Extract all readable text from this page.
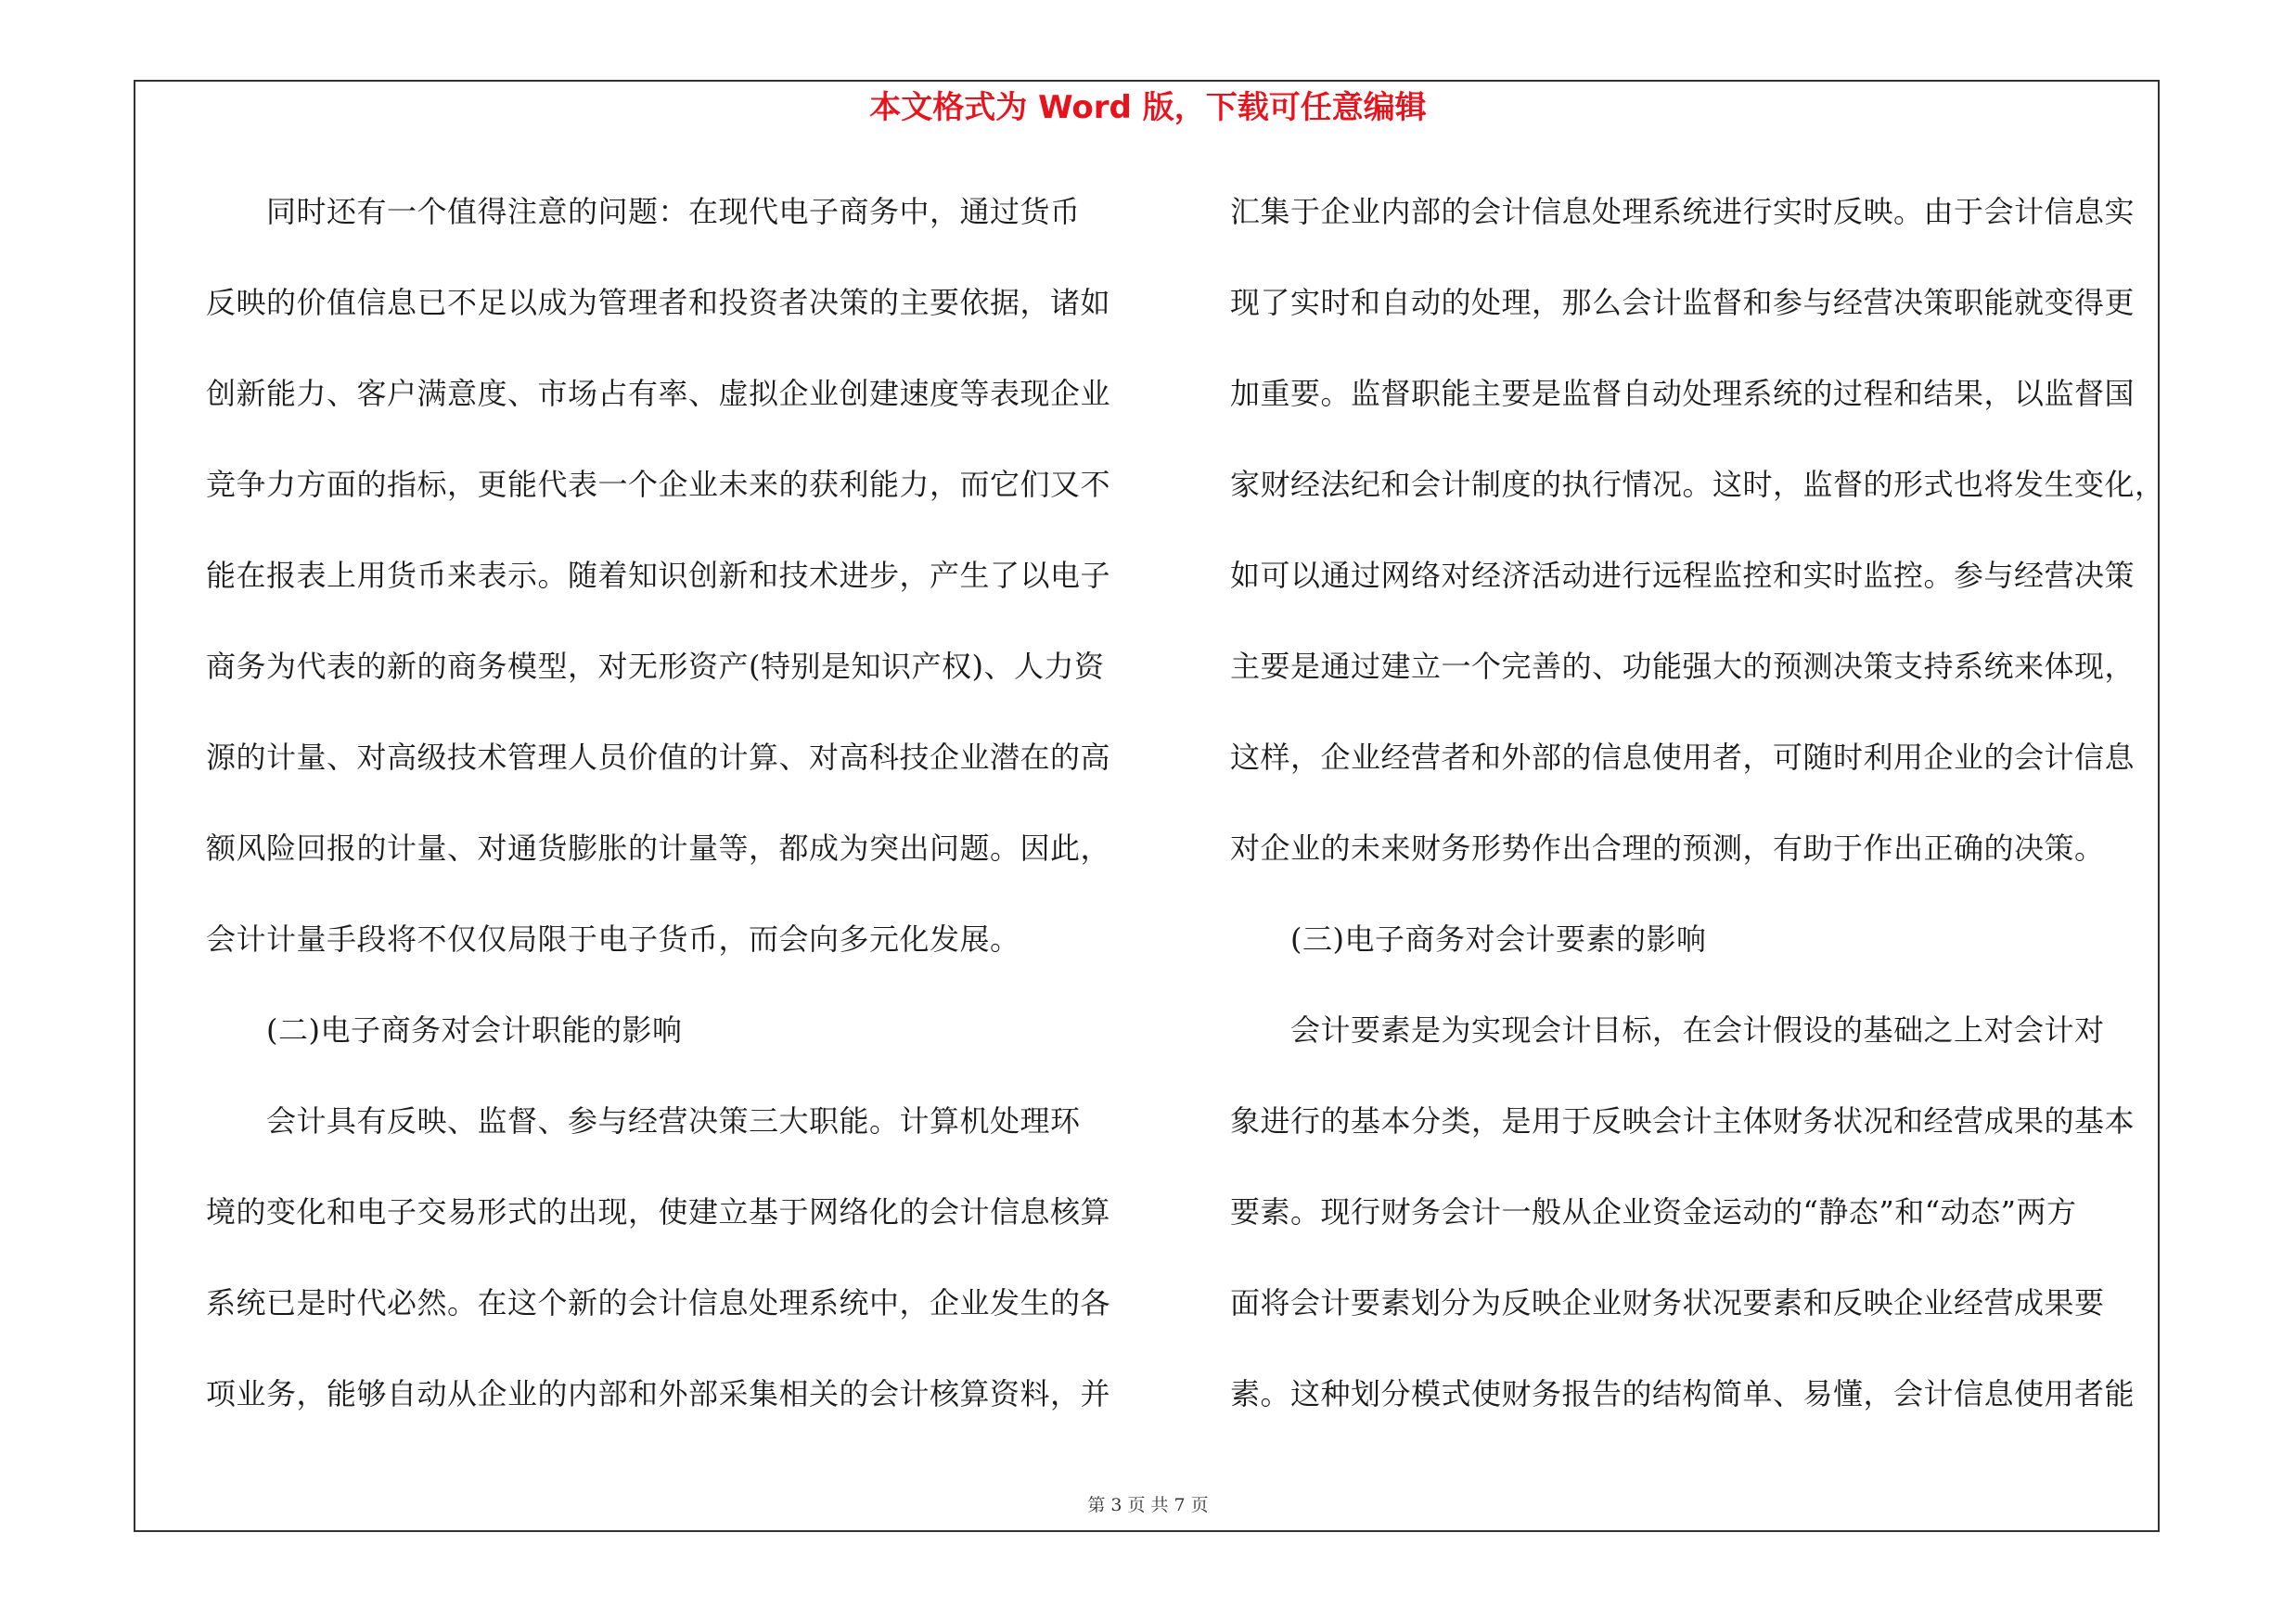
本文格式为 Word 版，下载可任意编辑
　　同时还有一个值得注意的问题：在现代电子商务中，通过货币
反映的价值信息已不足以成为管理者和投资者决策的主要依据，诸如
创新能力、客户满意度、市场占有率、虚拟企业创建速度等表现企业
竞争力方面的指标，更能代表一个企业未来的获利能力，而它们又不
能在报表上用货币来表示。随着知识创新和技术进步，产生了以电子
商务为代表的新的商务模型，对无形资产(特别是知识产权)、人力资
源的计量、对高级技术管理人员价值的计算、对高科技企业潜在的高
额风险回报的计量、对通货膨胀的计量等，都成为突出问题。因此，
会计计量手段将不仅仅局限于电子货币，而会向多元化发展。
　　(二)电子商务对会计职能的影响
　　会计具有反映、监督、参与经营决策三大职能。计算机处理环
境的变化和电子交易形式的出现，使建立基于网络化的会计信息核算
系统已是时代必然。在这个新的会计信息处理系统中，企业发生的各
项业务，能够自动从企业的内部和外部采集相关的会计核算资料，并
汇集于企业内部的会计信息处理系统进行实时反映。由于会计信息实
现了实时和自动的处理，那么会计监督和参与经营决策职能就变得更
加重要。监督职能主要是监督自动处理系统的过程和结果，以监督国
家财经法纪和会计制度的执行情况。这时，监督的形式也将发生变化，
如可以通过网络对经济活动进行远程监控和实时监控。参与经营决策
主要是通过建立一个完善的、功能强大的预测决策支持系统来体现，
这样，企业经营者和外部的信息使用者，可随时利用企业的会计信息
对企业的未来财务形势作出合理的预测，有助于作出正确的决策。
　　(三)电子商务对会计要素的影响
　　会计要素是为实现会计目标，在会计假设的基础之上对会计对
象进行的基本分类，是用于反映会计主体财务状况和经营成果的基本
要素。现行财务会计一般从企业资金运动的“静态”和“动态”两方
面将会计要素划分为反映企业财务状况要素和反映企业经营成果要
素。这种划分模式使财务报告的结构简单、易懂，会计信息使用者能
第 3 页 共 7 页
